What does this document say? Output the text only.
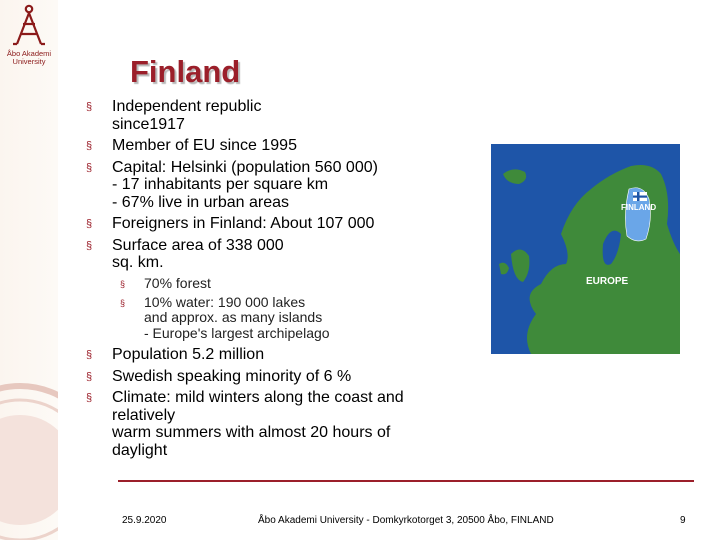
Åbo Akademi
University	Finland
§ Independent republic
since1917
§ Member of EU since 1995
§ Capital: Helsinki (population 560 000)
- 17 inhabitants per square km
- 67% live in urban areas
§ Foreigners in Finland: About 107 000
§ Surface area of 338 000
sq. km.
§ 70% forest
§ 10% water: 190 000 lakes
and approx. as many islands
- Europe's largest archipelago
§ Population 5.2 million
§ Swedish speaking minority of 6 %
§ Climate: mild winters along the coast and
relatively
warm summers with almost 20 hours of
daylight
FINLAND
EUROPE
25.9.2020	Åbo Akademi University - Domkyrkotorget 3, 20500 Åbo, FINLAND	9
